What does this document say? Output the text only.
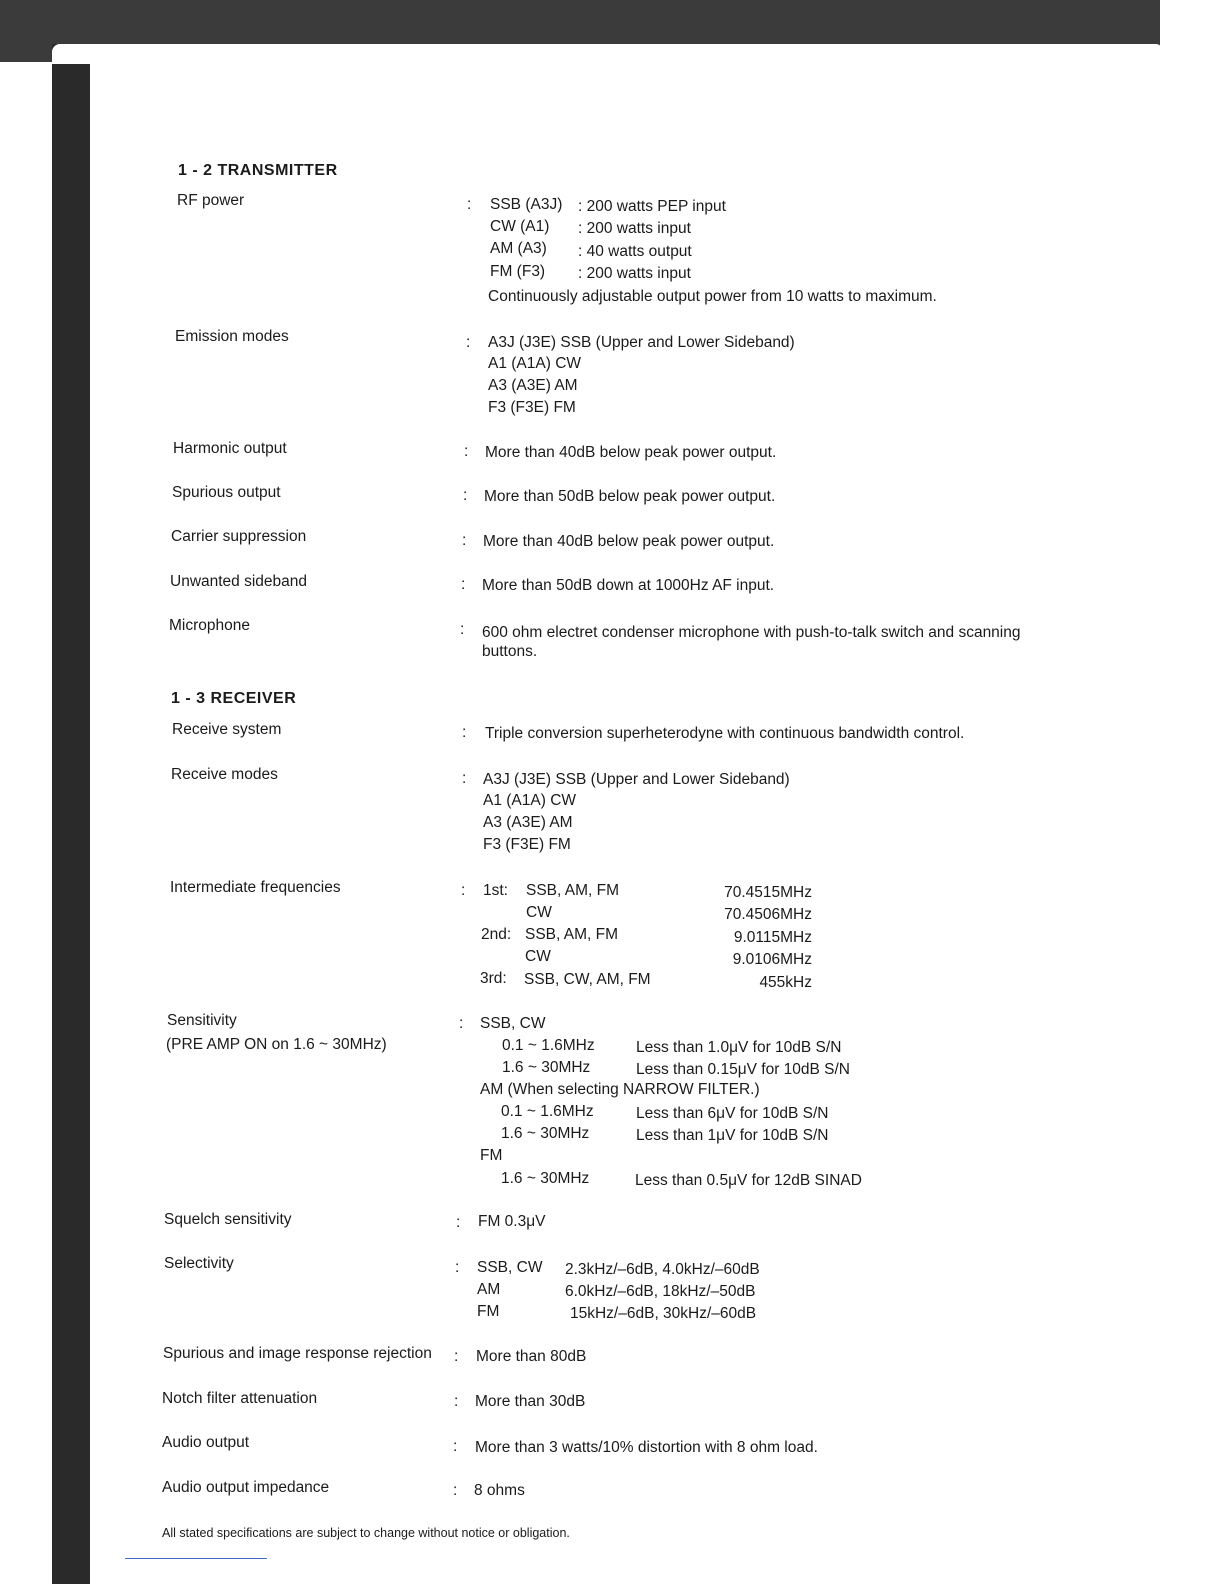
1 - 2 TRANSMITTER
RF power	: SSB (A3J) : 200 watts PEP input
CW (A1) : 200 watts input
AM (A3) : 40 watts output
FM (F3) : 200 watts input
Continuously adjustable output power from 10 watts to maximum.
Emission modes	: A3J (J3E) SSB (Upper and Lower Sideband)
A1 (A1A) CW
A3 (A3E) AM
F3 (F3E) FM
Harmonic output	: More than 40dB below peak power output.
Spurious output	: More than 50dB below peak power output.
Carrier suppression	: More than 40dB below peak power output.
Unwanted sideband	: More than 50dB down at 1000Hz AF input.
Microphone	: 600 ohm electret condenser microphone with push-to-talk switch and scanning
buttons.
1 - 3 RECEIVER
Receive system	: Triple conversion superheterodyne with continuous bandwidth control.
Receive modes	: A3J (J3E) SSB (Upper and Lower Sideband)
A1 (A1A) CW
A3 (A3E) AM
F3 (F3E) FM
Intermediate frequencies	: 1st: SSB, AM, FM	70.4515MHz
CW	70.4506MHz
2nd: SSB, AM, FM	9.0115MHz
CW	9.0106MHz
3rd: SSB, CW, AM, FM	455kHz
Sensitivity
(PRE AMP ON on 1.6 ~ 30MHz)
: SSB, CW
0.1 ~ 1.6MHz	Less than 1.0μV for 10dB S/N
1.6 ~ 30MHz	Less than 0.15μV for 10dB S/N
AM (When selecting NARROW FILTER.)
0.1 ~ 1.6MHz	Less than 6μV for 10dB S/N
1.6 ~ 30MHz	Less than 1μV for 10dB S/N
FM
1.6 ~ 30MHz	Less than 0.5μV for 12dB SINAD
Squelch sensitivity	: FM 0.3μV
Selectivity	: SSB, CW 2.3kHz/–6dB, 4.0kHz/–60dB
AM	6.0kHz/–6dB, 18kHz/–50dB
FM	15kHz/–6dB, 30kHz/–60dB
Spurious and image response rejection : More than 80dB
Notch filter attenuation	: More than 30dB
Audio output	: More than 3 watts/10% distortion with 8 ohm load.
Audio output impedance	: 8 ohms
All stated specifications are subject to change without notice or obligation.
